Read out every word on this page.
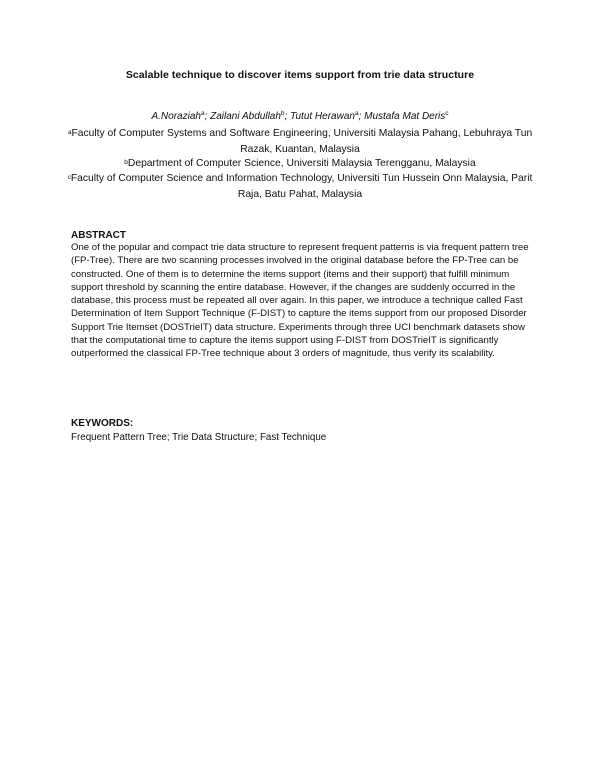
Scalable technique to discover items support from trie data structure
A.Noraziah$^a$; Zailani Abdullah$^b$; Tutut Herawan$^a$; Mustafa Mat Deris$^c$
$^a$Faculty of Computer Systems and Software Engineering, Universiti Malaysia Pahang, Lebuhraya Tun Razak, Kuantan, Malaysia
$^b$Department of Computer Science, Universiti Malaysia Terengganu, Malaysia
$^c$Faculty of Computer Science and Information Technology, Universiti Tun Hussein Onn Malaysia, Parit Raja, Batu Pahat, Malaysia
ABSTRACT
One of the popular and compact trie data structure to represent frequent patterns is via frequent pattern tree (FP-Tree). There are two scanning processes involved in the original database before the FP-Tree can be constructed. One of them is to determine the items support (items and their support) that fulfill minimum support threshold by scanning the entire database. However, if the changes are suddenly occurred in the database, this process must be repeated all over again. In this paper, we introduce a technique called Fast Determination of Item Support Technique (F-DIST) to capture the items support from our proposed Disorder Support Trie Itemset (DOSTrieIT) data structure. Experiments through three UCI benchmark datasets show that the computational time to capture the items support using F-DIST from DOSTrieIT is significantly outperformed the classical FP-Tree technique about 3 orders of magnitude, thus verify its scalability.
KEYWORDS:
Frequent Pattern Tree; Trie Data Structure; Fast Technique
